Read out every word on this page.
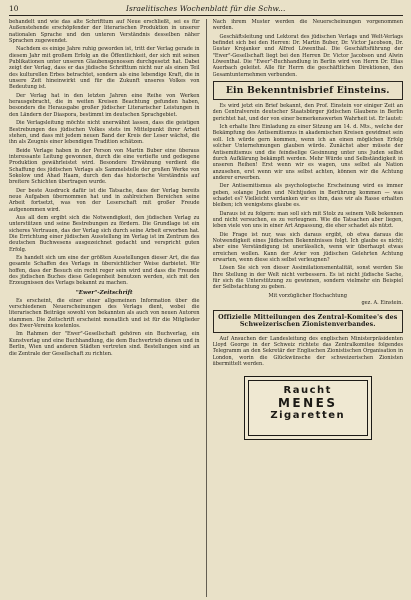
10	Israelitisches Wochenblatt für die Schw...

behandelt und wie das alte Schrifttum auf Neue erschließt, sei es für Außenstehende erschöpfender der literarischen Produktion in unserer nationalen Sprache und den unteren Verständnis desselben näher Sprachen zugewendet.

Nachdem es einige Jahre ruhig geworden ist, tritt der Verlag gerade in diesem Jahr mit großem Erfolg an die Öffentlichkeit, der sich mit seinen Publikationen unter unseren Glaubensgenossen durchgesetzt hat. Dabei zeigt der Verlag, dass er das jüdische Schrifttum nicht nur als einen Teil des kulturellen Erbes betrachtet, sondern als eine lebendige Kraft, die in unsere Zeit hineinwirkt und für die Zukunft unseres Volkes von Bedeutung ist.

Der Verlag hat in den letzten Jahren eine Reihe von Werken herausgebracht, die in weiten Kreisen Beachtung gefunden haben, besonders die Herausgabe großer jüdischer Literarischer Leistungen in den Ländern der Diaspora, bestimmt im deutschen Sprachgebiet.

Die Verlagsleitung möchte nicht unerwähnt lassen, dass die geistigen Bestrebungen des jüdischen Volkes stets im Mittelpunkt ihrer Arbeit stehen, und dass mit jedem neuen Band der Kreis der Leser wächst, die ihn als Zeugnis einer lebendigen Tradition schätzen.

Beide Verlage haben in der Person von Martin Buber eine überaus interessante Leitung gewonnen, durch die eine vertiefte und gediegene Produktion gewährleistet wird. Besondere Erwähnung verdient die Schaffung des jüdischen Verlags als Sammelstelle der großen Werke von Sokolow und Ahad Haam, durch den das historische Verständnis auf breitere Schichten übertragen wurde.

Der beste Ausdruck dafür ist die Tatsache, dass der Verlag bereits neue Aufgaben übernommen hat und in zahlreichen Bereichen seine Arbeit fortsetzt, was von der Leserschaft mit großer Freude aufgenommen wird.

Aus all dem ergibt sich die Notwendigkeit, den jüdischen Verlag zu unterstützen und seine Bestrebungen zu fördern. Die Grundlage ist ein sicheres Vertrauen, das der Verlag sich durch seine Arbeit erworben hat. Die Errichtung einer jüdischen Ausstellung im Verlag ist im Zentrum des deutschen Buchwesens ausgezeichnet gedacht und verspricht guten Erfolg.

Es handelt sich um eine der größten Ausstellungen dieser Art, die das gesamte Schaffen des Verlags in übersichtlicher Weise darbietet. Wir hoffen, dass der Besuch ein recht reger sein wird und dass die Freunde des jüdischen Buches diese Gelegenheit benutzen werden, sich mit den Erzeugnissen des Verlags bekannt zu machen.

"Ewer"-Zeitschrift

Es erscheint, die einer einer allgemeinen Information über die verschiedenen Neuerscheinungen des Verlags dient, wobei die literarischen Beiträge sowohl von bekannten als auch von neuen Autoren stammen. Die Zeitschrift erscheint monatlich und ist für die Mitglieder des Ewer-Vereins kostenlos.

Im Rahmen der "Ewer"-Gesellschaft gehören ein Buchverlag, ein Kunstverlag und eine Buchhandlung, die dem Buchvertrieb dienen und in Berlin, Wien und anderen Städten vertreten sind. Bestellungen sind an die Zentrale der Gesellschaft zu richten.

Nach ihrem Muster werden die Neuerscheinungen vorgenommen werden.

Geschäftsleitung und Lektorat des jüdischen Verlags und Welt-Verlags befindet sich bei den Herren: Dr. Martin Buber, Dr. Victor Jacobson, Dr. Gustav Krojanker und Alfred Löwenthal. Die Geschäftsführung der "Ewer"-Gesellschaft liegt bei den Herren Dr. Victor Jacobson und Alwin Löwenthal. Die "Ewer"-Buchhandlung in Berlin wird von Herrn Dr. Elias Auerbach geleitet. Alle für Herrn die geschäftlichen Direktionen, den Gesamtunternehmen verbunden.

Ein Bekenntnisbrief Einsteins.

Es wird jetzt ein Brief bekannt, den Prof. Einstein vor einiger Zeit an den Centralverein deutscher Staatsbürger jüdischen Glaubens in Berlin gerichtet hat, und der von einer bemerkenswerten Wahrheit ist. Er lautet:

Ich erhalte Ihre Einladung zu einer Sitzung am 14. d. Mts., welche der Bekämpfung des Antisemitismus in akademischen Kreisen gewidmet sein soll. Ich würde gern kommen, wenn ich an einen möglichen Erfolg solcher Unternehmungen glauben würde. Zunächst aber müsste der Antisemitismus und die feindselige Gesinnung unter uns Juden selbst durch Aufklärung bekämpft werden. Mehr Würde und Selbständigkeit in unseren Reihen! Erst wenn wir es wagen, uns selbst als Nation anzusehen, erst wenn wir uns selbst achten, können wir die Achtung anderer erwerben.

Der Antisemitismus als psychologische Erscheinung wird es immer geben, solange Juden und Nichtjuden in Berührung kommen — was schadet es? Vielleicht verdanken wir es ihm, dass wir als Rasse erhalten bleiben; ich wenigstens glaube es.

Daraus ist zu folgern: man soll sich mit Stolz zu seinem Volk bekennen und nicht versuchen, es zu verleugnen. Wie die Tatsachen aber liegen, leben viele von uns in einer Art Anpassung, die eher schadet als nützt.

Die Frage ist nur, was sich daraus ergibt, ob etwa daraus die Notwendigkeit eines Jüdischen Bekenntnisses folgt. Ich glaube es nicht; aber eine Verständigung ist unerlässlich, wenn wir überhaupt etwas erreichen wollen. Kann der Arier von jüdischen Gelehrten Achtung erwarten, wenn diese sich selbst verleugnen?

Lösen Sie sich von dieser Assimilationsmentalität, sonst werden Sie Ihre Stellung in der Welt nicht verbessern. Es ist nicht jüdische Sache, für sich die Unterstützung zu gewinnen, sondern vielmehr ein Beispiel der Selbstachtung zu geben.

Mit vorzüglicher Hochachtung
gez. A. Einstein.
Offizielle Mitteilungen des Zentral-Komitee's des Schweizerischen Zionistenverbandes.

Auf Ansuchen der Landesleitung des englischen Ministerpräsidenten Lloyd George in der Schweiz richtete das Zentralkomitee folgendes Telegramm an den Sekretär der Englischen Zionistischen Organisation in London, worin die Glückwünsche der schweizerischen Zionisten übermittelt werden.

Raucht
MENES
Zigaretten
